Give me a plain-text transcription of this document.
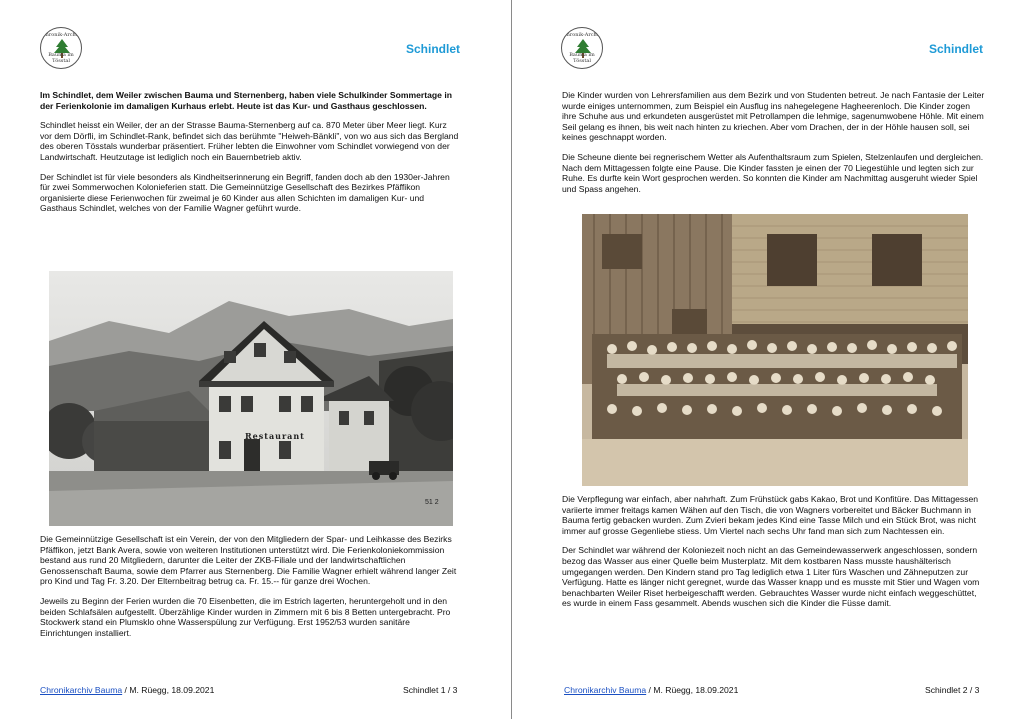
Chronik-Archiv
Bauma im Tösstal
Schindlet

Im Schindlet, dem Weiler zwischen Bauma und Sternenberg, haben viele Schulkinder Sommertage in der Ferienkolonie im damaligen Kurhaus erlebt. Heute ist das Kur- und Gasthaus geschlossen.

Schindlet heisst ein Weiler, der an der Strasse Bauma-Sternenberg auf ca. 870 Meter über Meer liegt. Kurz vor dem Dörfli, im Schindlet-Rank, befindet sich das berühmte "Heiweh-Bänkli", von wo aus sich das Bergland des oberen Tösstals wunderbar präsentiert. Früher lebten die Einwohner vom Schindlet vorwiegend von der Landwirtschaft. Heutzutage ist lediglich noch ein Bauernbetrieb aktiv.

Der Schindlet ist für viele besonders als Kindheitserinnerung ein Begriff, fanden doch ab den 1930er-Jahren für zwei Sommerwochen Kolonieferien statt. Die Gemeinnützige Gesellschaft des Bezirkes Pfäffikon organisierte diese Ferienwochen für zweimal je 60 Kinder aus allen Schichten im damaligen Kur- und Gasthaus Schindlet, welches von der Familie Wagner geführt wurde.

Restaurant
51 2

Die Gemeinnützige Gesellschaft ist ein Verein, der von den Mitgliedern der Spar- und Leihkasse des Bezirks Pfäffikon, jetzt Bank Avera, sowie von weiteren Institutionen unterstützt wird. Die Ferienkoloniekommission bestand aus rund 20 Mitgliedern, darunter die Leiter der ZKB-Filiale und der landwirtschaftlichen Genossenschaft Bauma, sowie dem Pfarrer aus Sternenberg. Die Familie Wagner erhielt während langer Zeit pro Kind und Tag Fr. 3.20. Der Elternbeitrag betrug ca. Fr. 15.-- für ganze drei Wochen.

Jeweils zu Beginn der Ferien wurden die 70 Eisenbetten, die im Estrich lagerten, heruntergeholt und in den beiden Schlafsälen aufgestellt. Überzählige Kinder wurden in Zimmern mit 6 bis 8 Betten untergebracht. Pro Stockwerk stand ein Plumsklo ohne Wasserspülung zur Verfügung. Erst 1952/53 wurden sanitäre Einrichtungen installiert.

Chronikarchiv Bauma / M. Rüegg, 18.09.2021	Schindlet 1 / 3
Chronik-Archiv
Bauma im Tösstal
Schindlet

Die Kinder wurden von Lehrersfamilien aus dem Bezirk und von Studenten betreut. Je nach Fantasie der Leiter wurde einiges unternommen, zum Beispiel ein Ausflug ins nahegelegene Hagheerenloch. Die Kinder zogen ihre Schuhe aus und erkundeten ausgerüstet mit Petrollampen die lehmige, sagenumwobene Höhle. Mit einem Seil gelang es ihnen, bis weit nach hinten zu kriechen. Aber vom Drachen, der in der Höhle hausen soll, sei keines geschnappt worden.

Die Scheune diente bei regnerischem Wetter als Aufenthaltsraum zum Spielen, Stelzenlaufen und dergleichen. Nach dem Mittagessen folgte eine Pause. Die Kinder fassten je einen der 70 Liegestühle und legten sich zur Ruhe. Es durfte kein Wort gesprochen werden. So konnten die Kinder am Nachmittag ausgeruht wieder Spiel und Spass angehen.

Die Verpflegung war einfach, aber nahrhaft. Zum Frühstück gabs Kakao, Brot und Konfitüre. Das Mittagessen variierte immer freitags kamen Wähen auf den Tisch, die von Wagners vorbereitet und Bäcker Buchmann in Bauma fertig gebacken wurden. Zum Zvieri bekam jedes Kind eine Tasse Milch und ein Stück Brot, was nicht immer auf grosse Gegenliebe stiess. Um Viertel nach sechs Uhr fand man sich zum Nachtessen ein.

Der Schindlet war während der Koloniezeit noch nicht an das Gemeindewasserwerk angeschlossen, sondern bezog das Wasser aus einer Quelle beim Musterplatz. Mit dem kostbaren Nass musste haushälterisch umgegangen werden. Den Kindern stand pro Tag lediglich etwa 1 Liter fürs Waschen und Zähneputzen zur Verfügung. Hatte es länger nicht geregnet, wurde das Wasser knapp und es musste mit Stier und Wagen vom benachbarten Weiler Riset herbeigeschafft werden. Gebrauchtes Wasser wurde nicht einfach weggeschüttet, es wurde in einem Fass gesammelt. Abends wuschen sich die Kinder die Füsse damit.

Chronikarchiv Bauma / M. Rüegg, 18.09.2021	Schindlet 2 / 3
